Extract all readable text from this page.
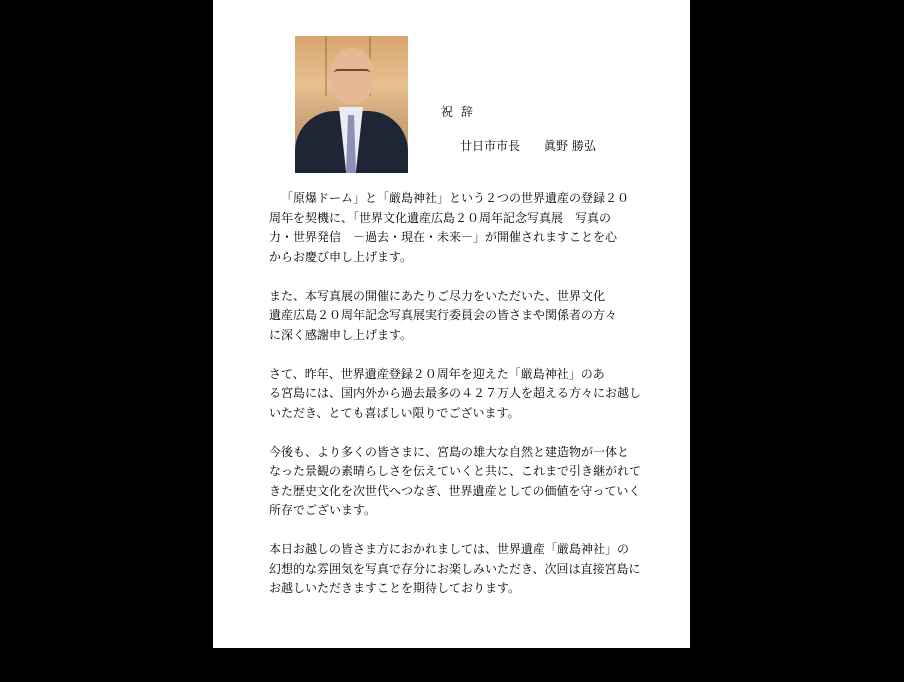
祝 辞
廿日市市長　　眞野 勝弘

「原爆ドーム」と「厳島神社」という２つの世界遺産の登録２０
周年を契機に、「世界文化遺産広島２０周年記念写真展　写真の
力・世界発信　－過去・現在・未来－」が開催されますことを心
からお慶び申し上げます。

また、本写真展の開催にあたりご尽力をいただいた、世界文化
遺産広島２０周年記念写真展実行委員会の皆さまや関係者の方々
に深く感謝申し上げます。

さて、昨年、世界遺産登録２０周年を迎えた「厳島神社」のあ
る宮島には、国内外から過去最多の４２７万人を超える方々にお越し
いただき、とても喜ばしい限りでございます。

今後も、より多くの皆さまに、宮島の雄大な自然と建造物が一体と
なった景観の素晴らしさを伝えていくと共に、これまで引き継がれて
きた歴史文化を次世代へつなぎ、世界遺産としての価値を守っていく
所存でございます。

本日お越しの皆さま方におかれましては、世界遺産「厳島神社」の
幻想的な雰囲気を写真で存分にお楽しみいただき、次回は直接宮島に
お越しいただきますことを期待しております。
